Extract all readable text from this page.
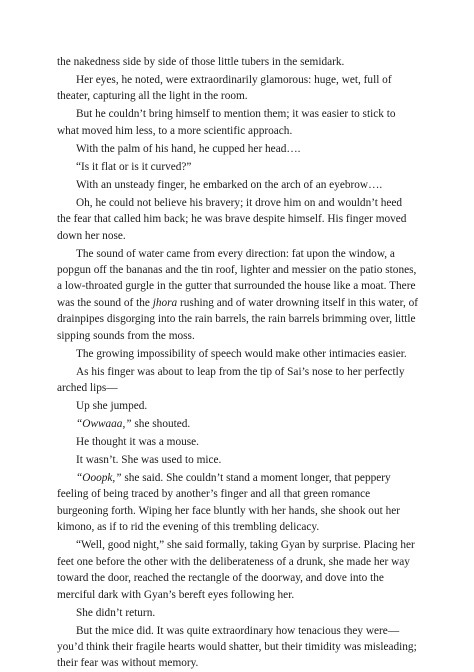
the nakedness side by side of those little tubers in the semidark.

Her eyes, he noted, were extraordinarily glamorous: huge, wet, full of theater, capturing all the light in the room.

But he couldn’t bring himself to mention them; it was easier to stick to what moved him less, to a more scientific approach.

With the palm of his hand, he cupped her head….

“Is it flat or is it curved?”

With an unsteady finger, he embarked on the arch of an eyebrow….

Oh, he could not believe his bravery; it drove him on and wouldn’t heed the fear that called him back; he was brave despite himself. His finger moved down her nose.

The sound of water came from every direction: fat upon the window, a popgun off the bananas and the tin roof, lighter and messier on the patio stones, a low-throated gurgle in the gutter that surrounded the house like a moat. There was the sound of the jhora rushing and of water drowning itself in this water, of drainpipes disgorging into the rain barrels, the rain barrels brimming over, little sipping sounds from the moss.

The growing impossibility of speech would make other intimacies easier.

As his finger was about to leap from the tip of Sai’s nose to her perfectly arched lips—

Up she jumped.

“Owwaaa,” she shouted.

He thought it was a mouse.

It wasn’t. She was used to mice.

“Ooopk,” she said. She couldn’t stand a moment longer, that peppery feeling of being traced by another’s finger and all that green romance burgeoning forth. Wiping her face bluntly with her hands, she shook out her kimono, as if to rid the evening of this trembling delicacy.

“Well, good night,” she said formally, taking Gyan by surprise. Placing her feet one before the other with the deliberateness of a drunk, she made her way toward the door, reached the rectangle of the doorway, and dove into the merciful dark with Gyan’s bereft eyes following her.

She didn’t return.

But the mice did. It was quite extraordinary how tenacious they were—you’d think their fragile hearts would shatter, but their timidity was misleading; their fear was without memory.
